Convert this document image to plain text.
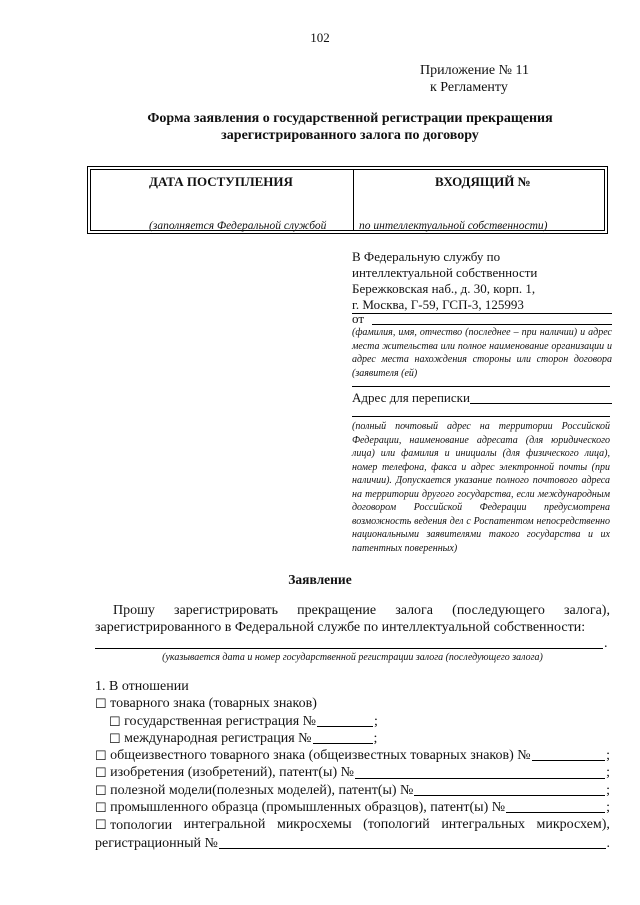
102
Приложение № 11
к Регламенту
Форма заявления о государственной регистрации прекращения
зарегистрированного залога по договору
ДАТА ПОСТУПЛЕНИЯ	ВХОДЯЩИЙ №
(заполняется Федеральной службой	по интеллектуальной собственности)
В Федеральную службу по
интеллектуальной собственности
Бережковская наб., д. 30, корп. 1,
г. Москва, Г-59, ГСП-3, 125993
от
(фамилия, имя, отчество (последнее – при наличии) и адрес места жительства или полное наименование организации и адрес места нахождения стороны или сторон договора (заявителя (ей)
Адрес для переписки
(полный почтовый адрес на территории Российской Федерации, наименование адресата (для юридического лица) или фамилия и инициалы (для физического лица), номер телефона, факса и адрес электронной почты (при наличии). Допускается указание полного почтового адреса на территории другого государства, если международным договором Российской Федерации предусмотрена возможность ведения дел с Роспатентом непосредственно национальными заявителями такого государства и их патентных поверенных)
Заявление
Прошу зарегистрировать прекращение залога (последующего залога),
зарегистрированного в Федеральной службе по интеллектуальной собственности:
.
(указывается дата и номер государственной регистрации залога (последующего залога)
1. В отношении
☐
товарного знака (товарных знаков)
☐
государственная регистрация №	;
☐
международная регистрация №	;
☐
общеизвестного товарного знака (общеизвестных товарных знаков) №	;
☐
изобретения (изобретений), патент(ы) №	;
☐
полезной модели(полезных моделей), патент(ы) №	;
☐
промышленного образца (промышленных образцов), патент(ы) №	;
☐ топологии интегральной микросхемы (топологий интегральных микросхем),
регистрационный №	.
